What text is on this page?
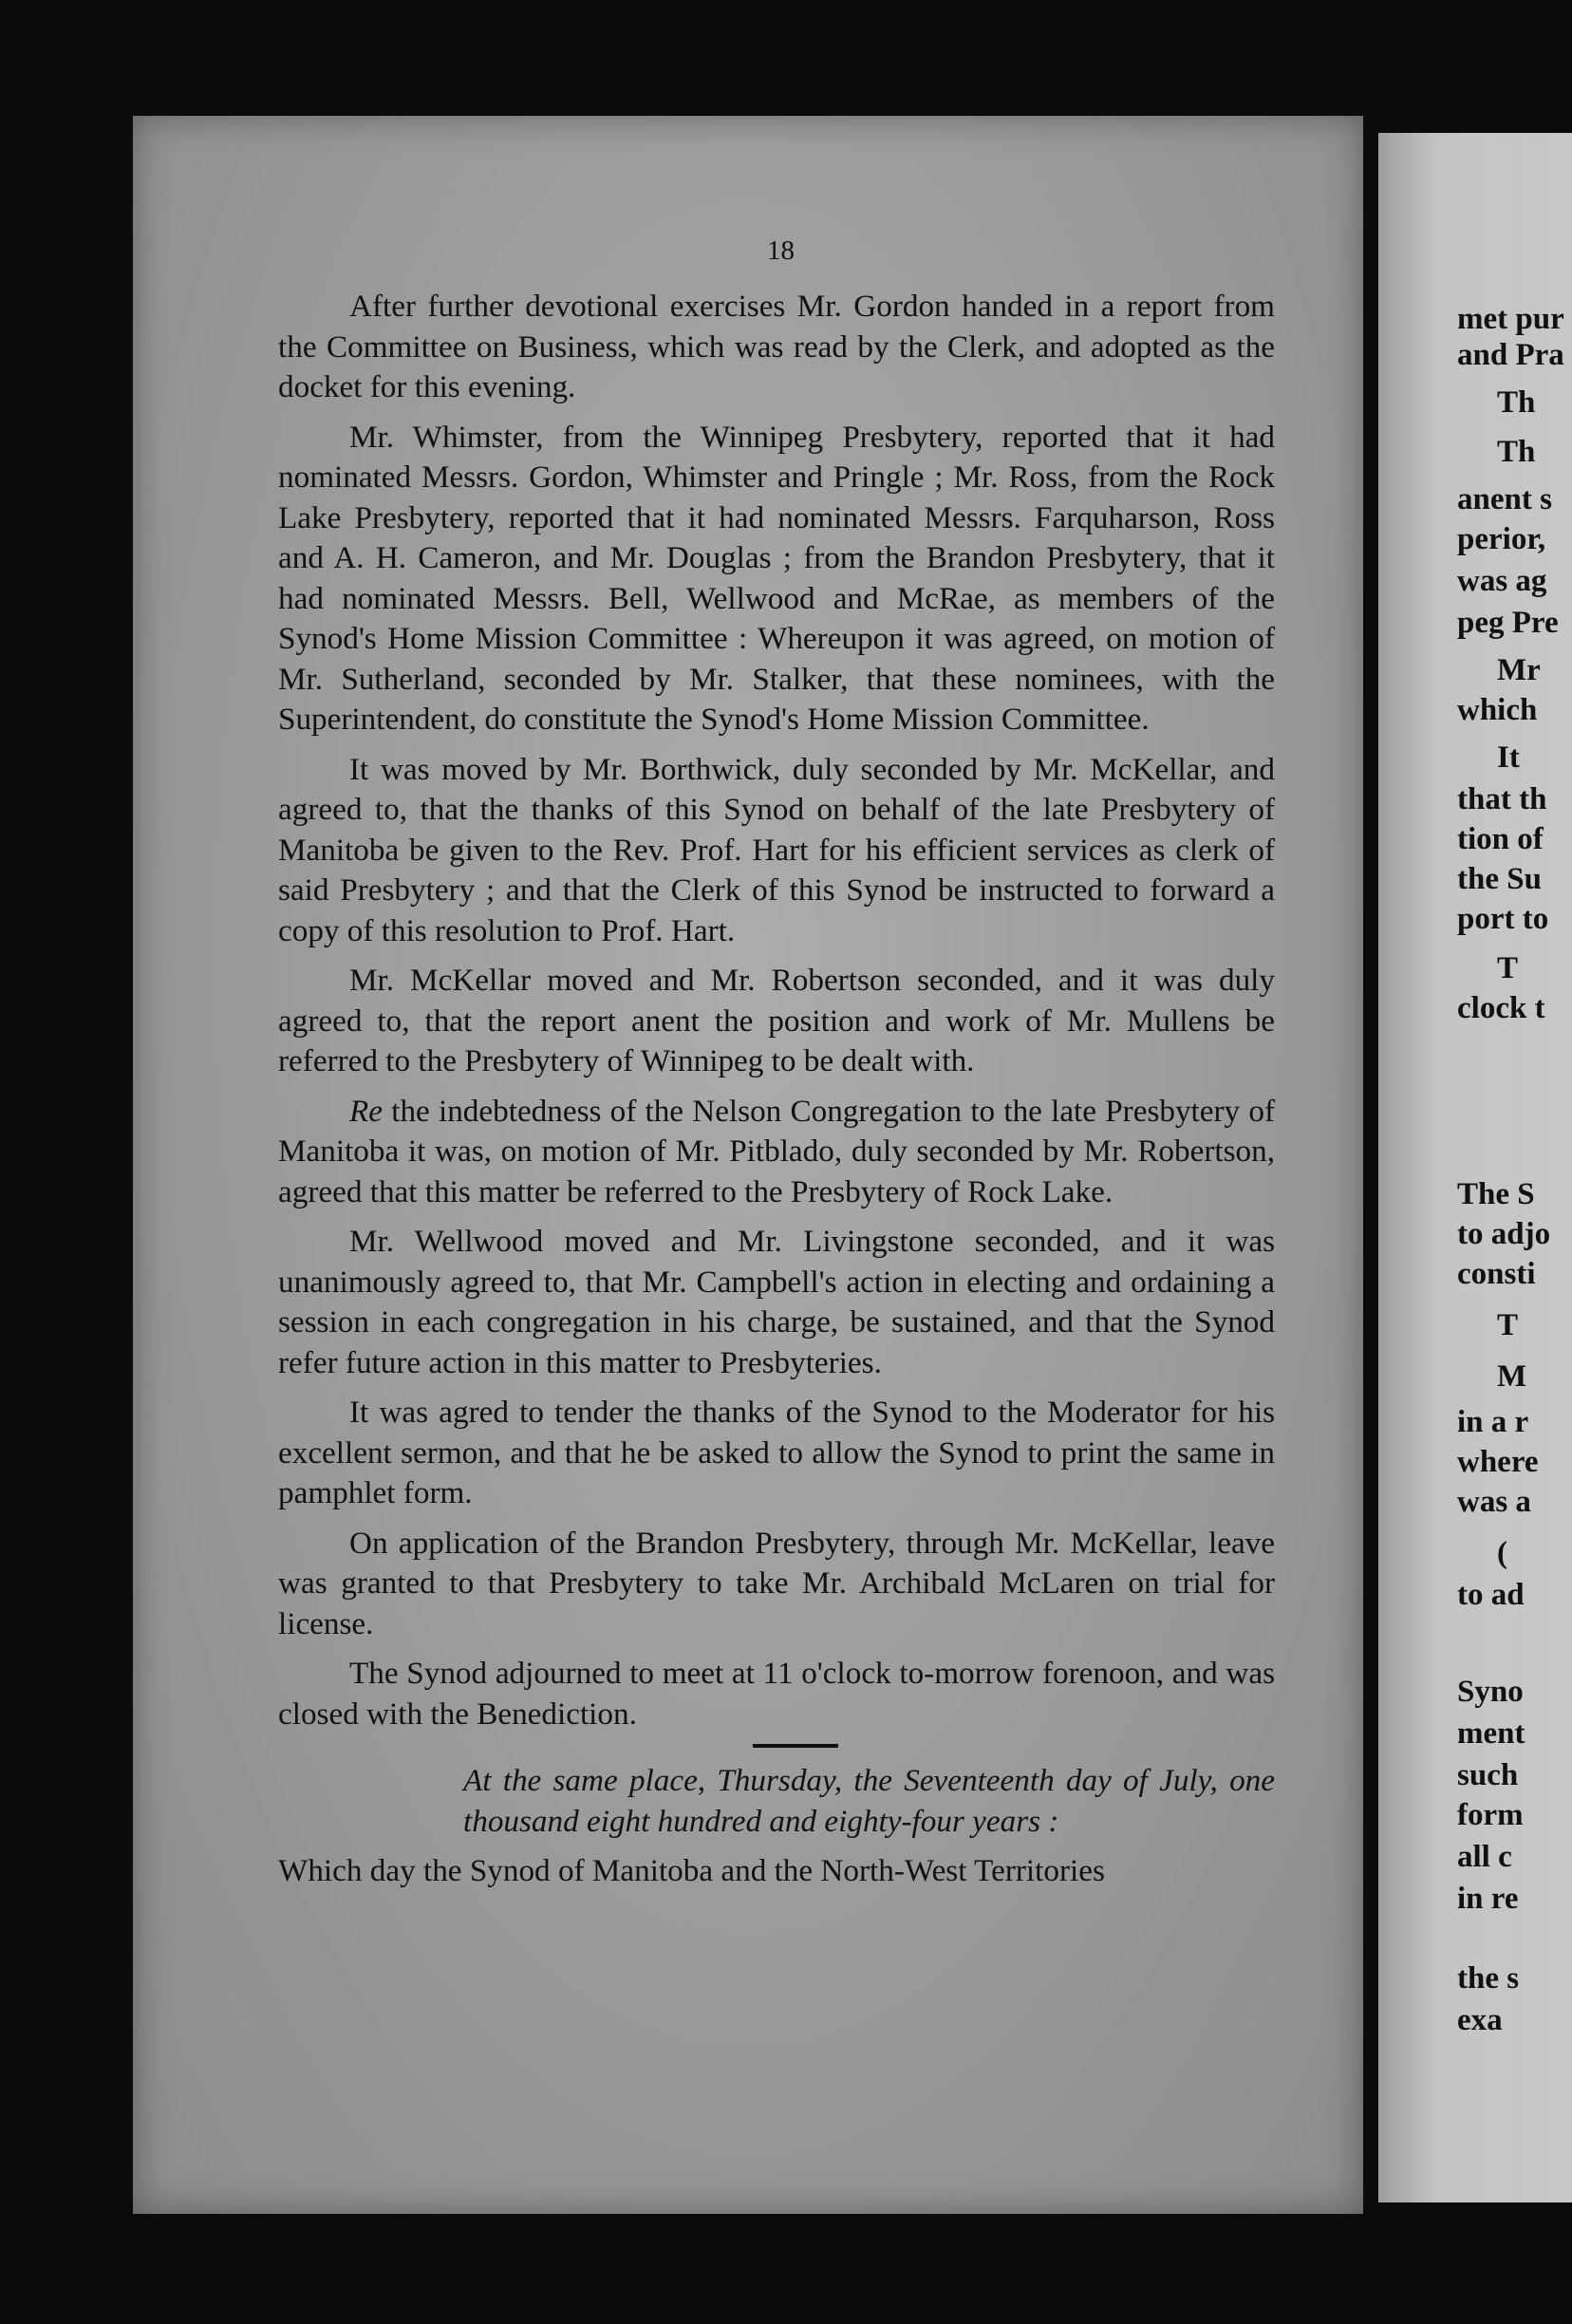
18

After further devotional exercises Mr. Gordon handed in a report from the Committee on Business, which was read by the Clerk, and adopted as the docket for this evening.

Mr. Whimster, from the Winnipeg Presbytery, reported that it had nominated Messrs. Gordon, Whimster and Pringle ; Mr. Ross, from the Rock Lake Presbytery, reported that it had nominated Messrs. Farquharson, Ross and A. H. Cameron, and Mr. Douglas ; from the Brandon Presbytery, that it had nominated Messrs. Bell, Wellwood and McRae, as members of the Synod's Home Mission Committee : Whereupon it was agreed, on motion of Mr. Sutherland, seconded by Mr. Stalker, that these nominees, with the Superintendent, do constitute the Synod's Home Mission Committee.

It was moved by Mr. Borthwick, duly seconded by Mr. McKellar, and agreed to, that the thanks of this Synod on behalf of the late Presbytery of Manitoba be given to the Rev. Prof. Hart for his efficient services as clerk of said Presbytery ; and that the Clerk of this Synod be instructed to forward a copy of this resolution to Prof. Hart.

Mr. McKellar moved and Mr. Robertson seconded, and it was duly agreed to, that the report anent the position and work of Mr. Mullens be referred to the Presbytery of Winnipeg to be dealt with.

Re the indebtedness of the Nelson Congregation to the late Presbytery of Manitoba it was, on motion of Mr. Pitblado, duly seconded by Mr. Robertson, agreed that this matter be referred to the Presbytery of Rock Lake.

Mr. Wellwood moved and Mr. Livingstone seconded, and it was unanimously agreed to, that Mr. Campbell's action in electing and ordaining a session in each congregation in his charge, be sustained, and that the Synod refer future action in this matter to Presbyteries.

It was agred to tender the thanks of the Synod to the Moderator for his excellent sermon, and that he be asked to allow the Synod to print the same in pamphlet form.

On application of the Brandon Presbytery, through Mr. McKellar, leave was granted to that Presbytery to take Mr. Archibald McLaren on trial for license.

The Synod adjourned to meet at 11 o'clock to-morrow forenoon, and was closed with the Benediction.

At the same place, Thursday, the Seventeenth day of July, one thousand eight hundred and eighty-four years :

Which day the Synod of Manitoba and the North-West Territories

met pur
and Pra
Th
Th
anent s
perior,
was ag
peg Pre
Mr
which
It
that th
tion of
the Su
port to
T
clock t
The S
to adjo
consti
T
M
in a r
where
was a
(
to ad
Syno
ment
such
form
all c
in re
the s
exa
